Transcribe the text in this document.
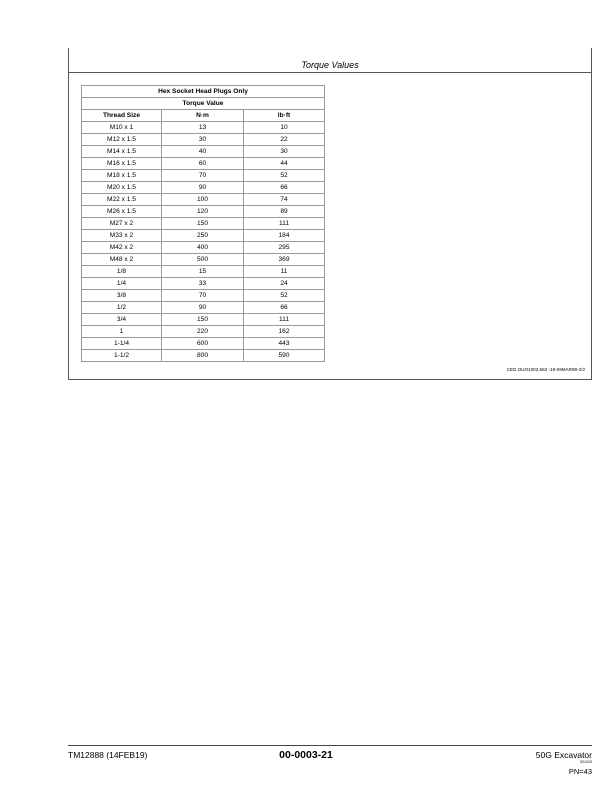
Torque Values
Hex Socket Head Plugs Only		
Torque Value		
Thread Size	N·m	lb·ft
M10 x 1	13	10
M12 x 1.5	30	22
M14 x 1.5	40	30
M16 x 1.5	60	44
M18 x 1.5	70	52
M20 x 1.5	90	66
M22 x 1.5	100	74
M26 x 1.5	120	89
M27 x 2	150	111
M33 x 2	250	184
M42 x 2	400	295
M48 x 2	500	369
1/8	15	11
1/4	33	24
3/8	70	52
1/2	90	66
3/4	150	111
1	220	162
1-1/4	600	443
1-1/2	800	590
CED,OUO1002,563 -19-09MAR98-2/2
TM12888 (14FEB19)	00-0003-21	50G Excavator
021419
PN=43
